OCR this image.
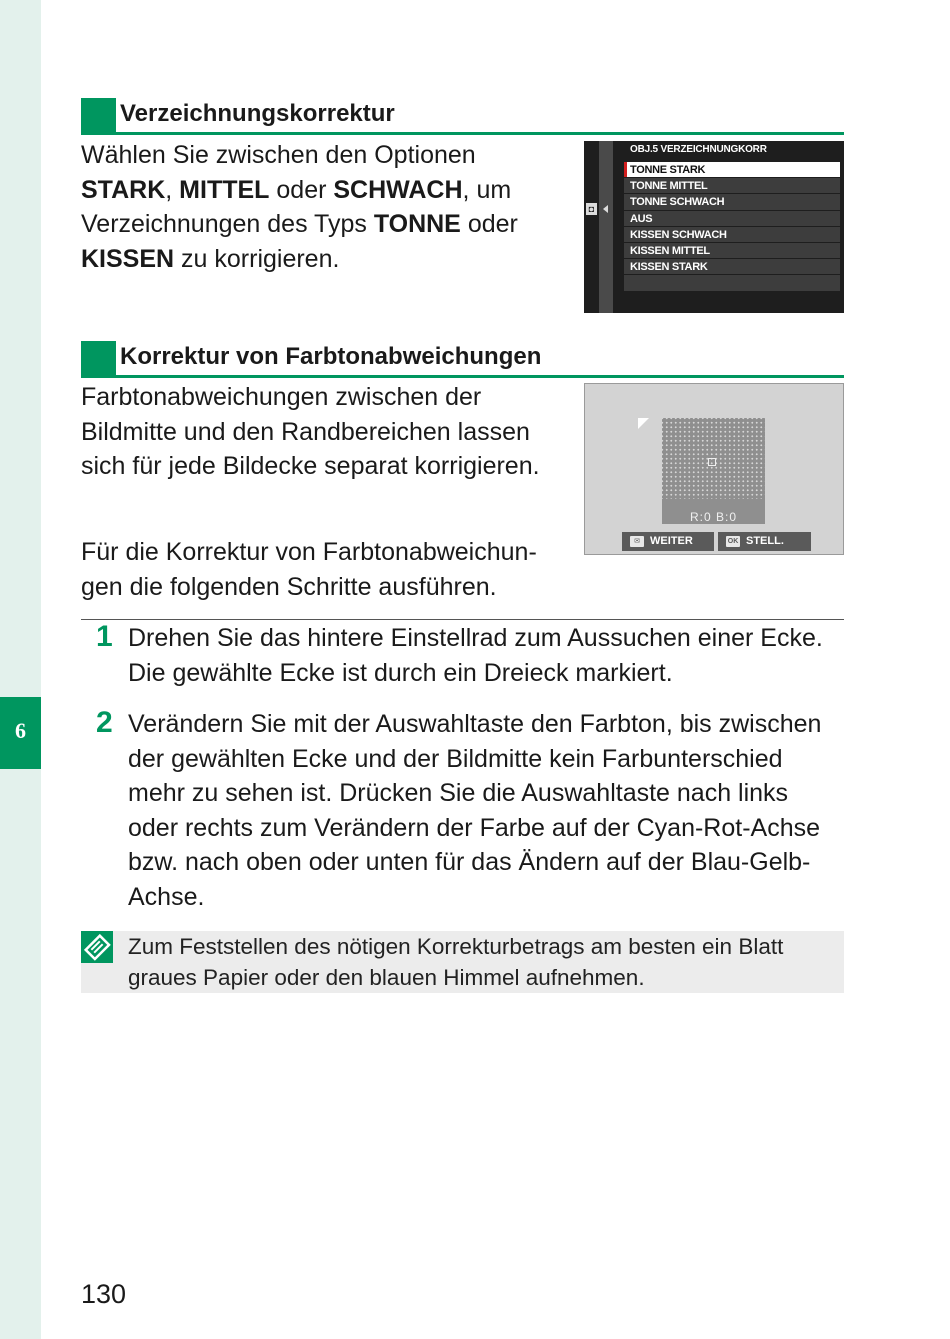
6
Verzeichnungskorrektur
Wählen Sie zwischen den Optionen STARK, MITTEL oder SCHWACH, um Verzeichnungen des Typs TONNE oder KISSEN zu korrigieren.
◘
OBJ.5 VERZEICHNUNGKORR
TONNE STARK
TONNE MITTEL
TONNE SCHWACH
AUS
KISSEN SCHWACH
KISSEN MITTEL
KISSEN STARK
Korrektur von Farbtonabweichungen
Farbtonabweichungen zwischen der Bildmitte und den Randbereichen lassen sich für jede Bildecke separat korrigieren.
Für die Korrektur von Farbtonabweichungen die folgenden Schritte ausführen.
R:0 B:0
✉ WEITER	OK STELL.
1 Drehen Sie das hintere Einstellrad zum Aussuchen einer Ecke. Die gewählte Ecke ist durch ein Dreieck markiert.
2 Verändern Sie mit der Auswahltaste den Farbton, bis zwischen der gewählten Ecke und der Bildmitte kein Farbunterschied mehr zu sehen ist. Drücken Sie die Auswahltaste nach links oder rechts zum Verändern der Farbe auf der Cyan-Rot-Achse bzw. nach oben oder unten für das Ändern auf der Blau-Gelb-Achse.
Zum Feststellen des nötigen Korrekturbetrags am besten ein Blatt graues Papier oder den blauen Himmel aufnehmen.
130
